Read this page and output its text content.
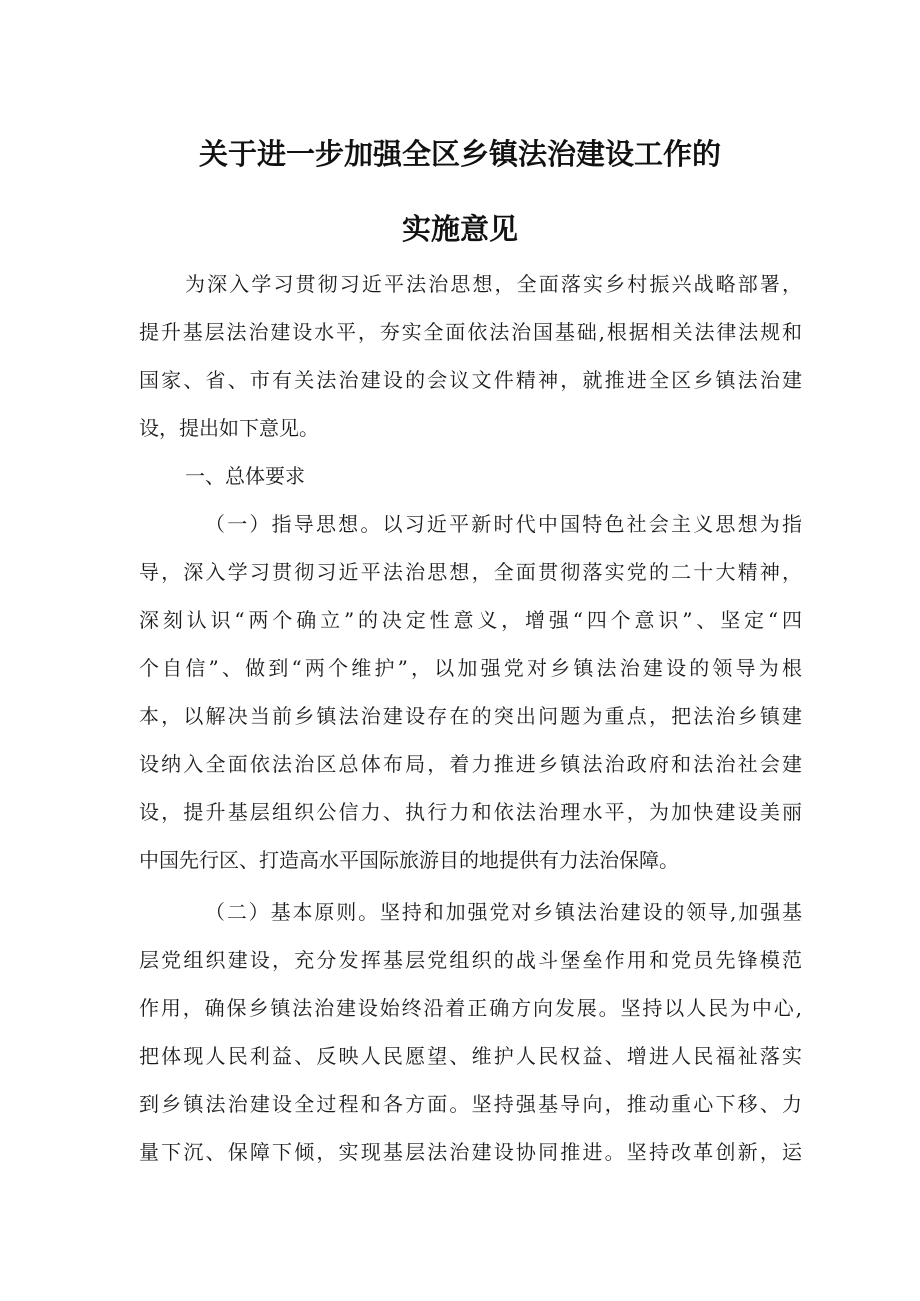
关于进一步加强全区乡镇法治建设工作的
实施意见
为深入学习贯彻习近平法治思想，全面落实乡村振兴战略部署，
提升基层法治建设水平，夯实全面依法治国基础,根据相关法律法规和
国家、省、市有关法治建设的会议文件精神，就推进全区乡镇法治建
设，提出如下意见。
一、总体要求
（一）指导思想。以习近平新时代中国特色社会主义思想为指
导，深入学习贯彻习近平法治思想，全面贯彻落实党的二十大精神，
深刻认识“两个确立”的决定性意义，增强“四个意识”、坚定“四
个自信”、做到“两个维护”，以加强党对乡镇法治建设的领导为根
本，以解决当前乡镇法治建设存在的突出问题为重点，把法治乡镇建
设纳入全面依法治区总体布局，着力推进乡镇法治政府和法治社会建
设，提升基层组织公信力、执行力和依法治理水平，为加快建设美丽
中国先行区、打造高水平国际旅游目的地提供有力法治保障。
（二）基本原则。坚持和加强党对乡镇法治建设的领导,加强基
层党组织建设，充分发挥基层党组织的战斗堡垒作用和党员先锋模范
作用，确保乡镇法治建设始终沿着正确方向发展。坚持以人民为中心,
把体现人民利益、反映人民愿望、维护人民权益、增进人民福祉落实
到乡镇法治建设全过程和各方面。坚持强基导向，推动重心下移、力
量下沉、保障下倾，实现基层法治建设协同推进。坚持改革创新，运
